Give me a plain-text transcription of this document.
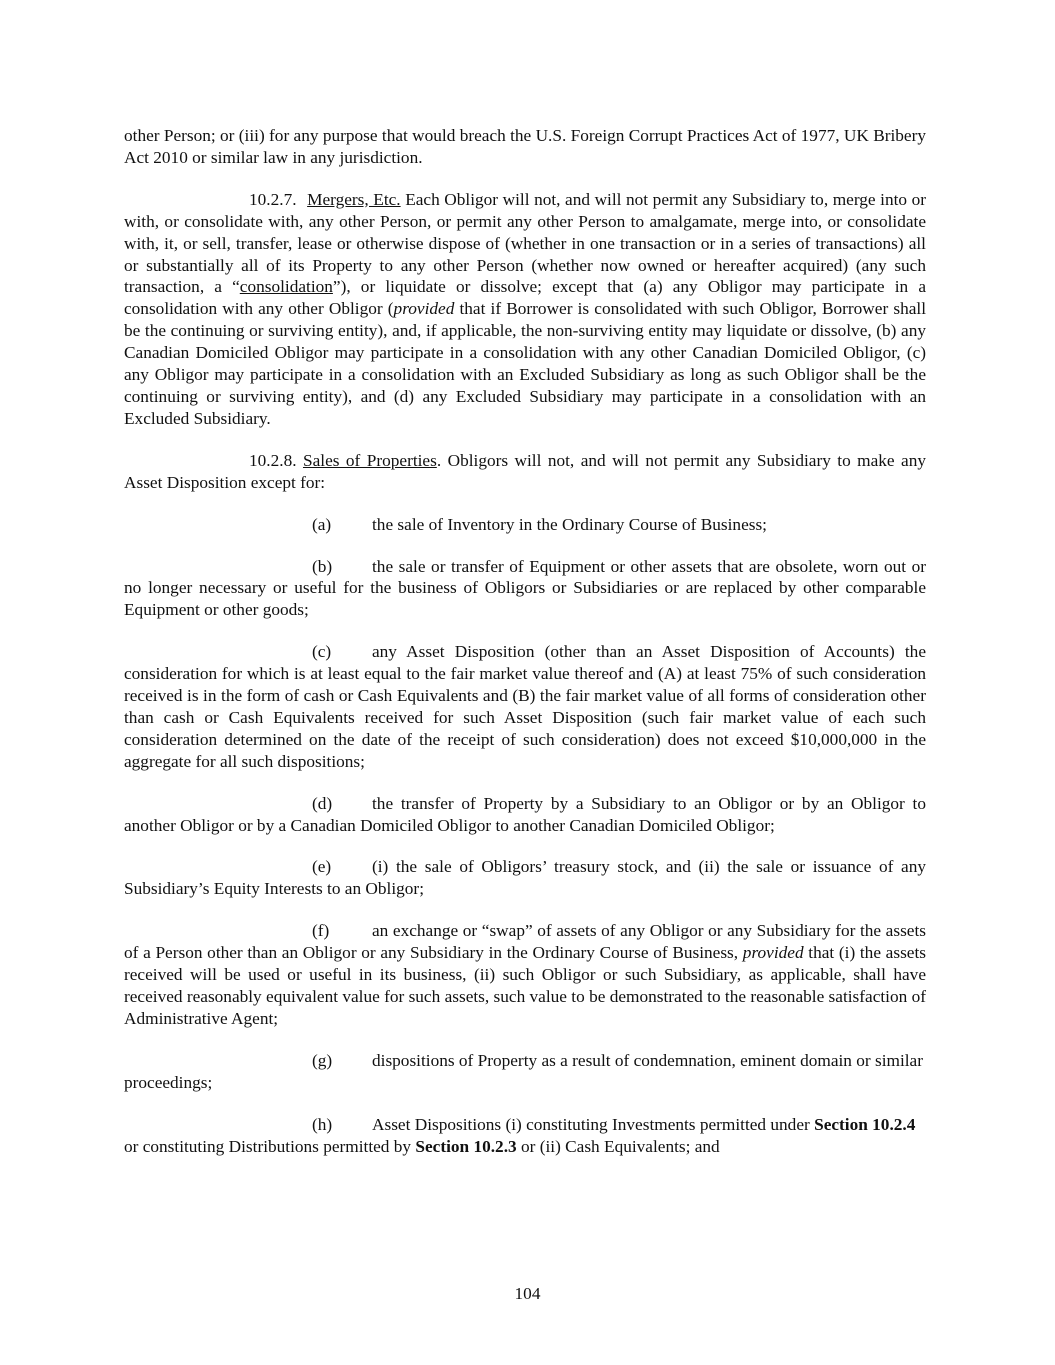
other Person; or (iii) for any purpose that would breach the U.S. Foreign Corrupt Practices Act of 1977, UK Bribery Act 2010 or similar law in any jurisdiction.

10.2.7. Mergers, Etc. Each Obligor will not, and will not permit any Subsidiary to, merge into or with, or consolidate with, any other Person, or permit any other Person to amalgamate, merge into, or consolidate with, it, or sell, transfer, lease or otherwise dispose of (whether in one transaction or in a series of transactions) all or substantially all of its Property to any other Person (whether now owned or hereafter acquired) (any such transaction, a “consolidation”), or liquidate or dissolve; except that (a) any Obligor may participate in a consolidation with any other Obligor (provided that if Borrower is consolidated with such Obligor, Borrower shall be the continuing or surviving entity), and, if applicable, the non-surviving entity may liquidate or dissolve, (b) any Canadian Domiciled Obligor may participate in a consolidation with any other Canadian Domiciled Obligor, (c) any Obligor may participate in a consolidation with an Excluded Subsidiary as long as such Obligor shall be the continuing or surviving entity), and (d) any Excluded Subsidiary may participate in a consolidation with an Excluded Subsidiary.

10.2.8. Sales of Properties. Obligors will not, and will not permit any Subsidiary to make any Asset Disposition except for:

(a) the sale of Inventory in the Ordinary Course of Business;

(b) the sale or transfer of Equipment or other assets that are obsolete, worn out or no longer necessary or useful for the business of Obligors or Subsidiaries or are replaced by other comparable Equipment or other goods;

(c) any Asset Disposition (other than an Asset Disposition of Accounts) the consideration for which is at least equal to the fair market value thereof and (A) at least 75% of such consideration received is in the form of cash or Cash Equivalents and (B) the fair market value of all forms of consideration other than cash or Cash Equivalents received for such Asset Disposition (such fair market value of each such consideration determined on the date of the receipt of such consideration) does not exceed $10,000,000 in the aggregate for all such dispositions;

(d) the transfer of Property by a Subsidiary to an Obligor or by an Obligor to another Obligor or by a Canadian Domiciled Obligor to another Canadian Domiciled Obligor;

(e) (i) the sale of Obligors’ treasury stock, and (ii) the sale or issuance of any Subsidiary’s Equity Interests to an Obligor;

(f) an exchange or “swap” of assets of any Obligor or any Subsidiary for the assets of a Person other than an Obligor or any Subsidiary in the Ordinary Course of Business, provided that (i) the assets received will be used or useful in its business, (ii) such Obligor or such Subsidiary, as applicable, shall have received reasonably equivalent value for such assets, such value to be demonstrated to the reasonable satisfaction of Administrative Agent;

(g) dispositions of Property as a result of condemnation, eminent domain or similar proceedings;

(h) Asset Dispositions (i) constituting Investments permitted under Section 10.2.4 or constituting Distributions permitted by Section 10.2.3 or (ii) Cash Equivalents; and

104
